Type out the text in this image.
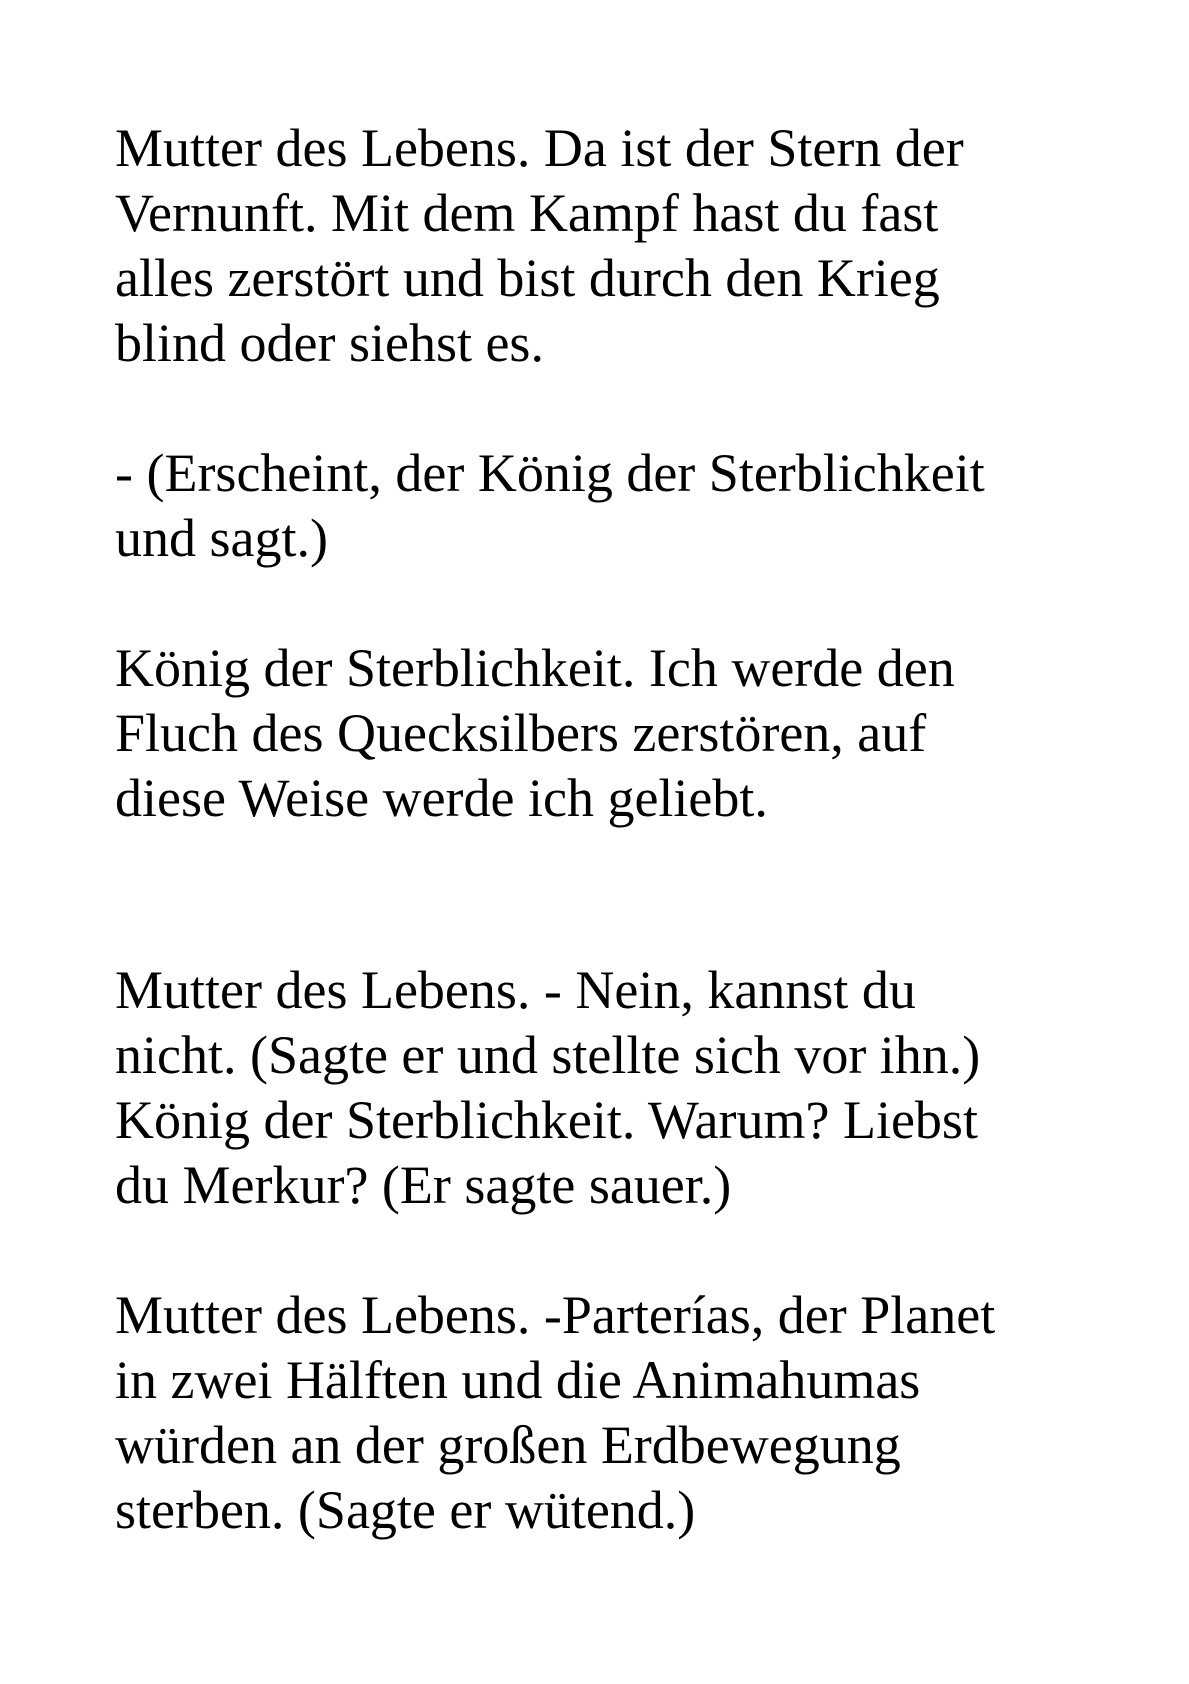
Mutter des Lebens. Da ist der Stern der
Vernunft. Mit dem Kampf hast du fast
alles zerstört und bist durch den Krieg
blind oder siehst es.

- (Erscheint, der König der Sterblichkeit
und sagt.)

König der Sterblichkeit. Ich werde den
Fluch des Quecksilbers zerstören, auf
diese Weise werde ich geliebt.

Mutter des Lebens. - Nein, kannst du
nicht. (Sagte er und stellte sich vor ihn.)
König der Sterblichkeit. Warum? Liebst
du Merkur? (Er sagte sauer.)

Mutter des Lebens. -Parterías, der Planet
in zwei Hälften und die Animahumas
würden an der großen Erdbewegung
sterben. (Sagte er wütend.)
